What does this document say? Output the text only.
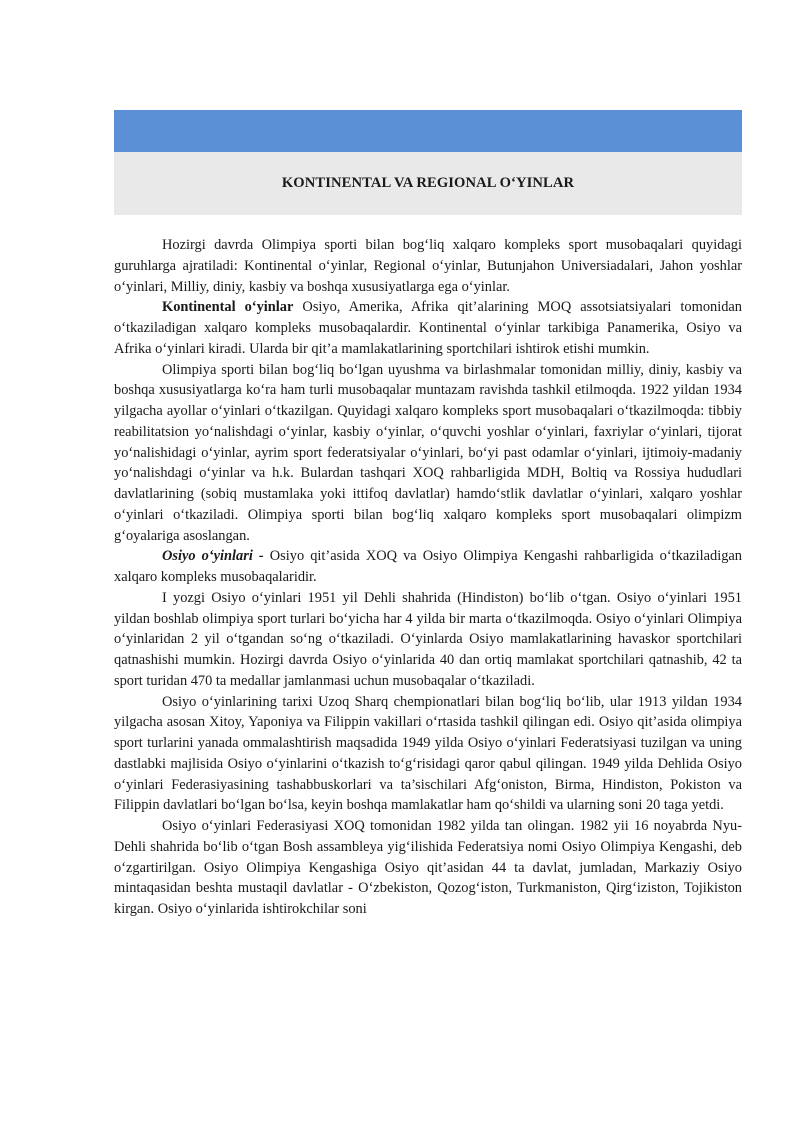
KONTINENTAL VA REGIONAL O‘YINLAR

Hozirgi davrda Olimpiya sporti bilan bog‘liq xalqaro kompleks sport musobaqalari quyidagi guruhlarga ajratiladi: Kontinental o‘yinlar, Regional o‘yinlar, Butunjahon Universiadalari, Jahon yoshlar o‘yinlari, Milliy, diniy, kasbiy va boshqa xususiyatlarga ega o‘yinlar.

Kontinental o‘yinlar Osiyo, Amerika, Afrika qit’alarining MOQ assotsiatsiyalari tomonidan o‘tkaziladigan xalqaro kompleks musobaqalardir. Kontinental o‘yinlar tarkibiga Panamerika, Osiyo va Afrika o‘yinlari kiradi. Ularda bir qit’a mamlakatlarining sportchilari ishtirok etishi mumkin.

Olimpiya sporti bilan bog‘liq bo‘lgan uyushma va birlashmalar tomonidan milliy, diniy, kasbiy va boshqa xususiyatlarga ko‘ra ham turli musobaqalar muntazam ravishda tashkil etilmoqda. 1922 yildan 1934 yilgacha ayollar o‘yinlari o‘tkazilgan. Quyidagi xalqaro kompleks sport musobaqalari o‘tkazilmoqda: tibbiy reabilitatsion yo‘nalishdagi o‘yinlar, kasbiy o‘yinlar, o‘quvchi yoshlar o‘yinlari, faxriylar o‘yinlari, tijorat yo‘nalishidagi o‘yinlar, ayrim sport federatsiyalar o‘yinlari, bo‘yi past odamlar o‘yinlari, ijtimoiy-madaniy yo‘nalishdagi o‘yinlar va h.k. Bulardan tashqari XOQ rahbarligida MDH, Boltiq va Rossiya hududlari davlatlarining (sobiq mustamlaka yoki ittifoq davlatlar) hamdo‘stlik davlatlar o‘yinlari, xalqaro yoshlar o‘yinlari o‘tkaziladi. Olimpiya sporti bilan bog‘liq xalqaro kompleks sport musobaqalari olimpizm g‘oyalariga asoslangan.

Osiyo o‘yinlari - Osiyo qit’asida XOQ va Osiyo Olimpiya Kengashi rahbarligida o‘tkaziladigan xalqaro kompleks musobaqalaridir.

I yozgi Osiyo o‘yinlari 1951 yil Dehli shahrida (Hindiston) bo‘lib o‘tgan. Osiyo o‘yinlari 1951 yildan boshlab olimpiya sport turlari bo‘yicha har 4 yilda bir marta o‘tkazilmoqda. Osiyo o‘yinlari Olimpiya o‘yinlaridan 2 yil o‘tgandan so‘ng o‘tkaziladi. O‘yinlarda Osiyo mamlakatlarining havaskor sportchilari qatnashishi mumkin. Hozirgi davrda Osiyo o‘yinlarida 40 dan ortiq mamlakat sportchilari qatnashib, 42 ta sport turidan 470 ta medallar jamlanmasi uchun musobaqalar o‘tkaziladi.

Osiyo o‘yinlarining tarixi Uzoq Sharq chempionatlari bilan bog‘liq bo‘lib, ular 1913 yildan 1934 yilgacha asosan Xitoy, Yaponiya va Filippin vakillari o‘rtasida tashkil qilingan edi. Osiyo qit’asida olimpiya sport turlarini yanada ommalashtirish maqsadida 1949 yilda Osiyo o‘yinlari Federatsiyasi tuzilgan va uning dastlabki majlisida Osiyo o‘yinlarini o‘tkazish to‘g‘risidagi qaror qabul qilingan. 1949 yilda Dehlida Osiyo o‘yinlari Federasiyasining tashabbuskorlari va ta’sischilari Afg‘oniston, Birma, Hindiston, Pokiston va Filippin davlatlari bo‘lgan bo‘lsa, keyin boshqa mamlakatlar ham qo‘shildi va ularning soni 20 taga yetdi.

Osiyo o‘yinlari Federasiyasi XOQ tomonidan 1982 yilda tan olingan. 1982 yii 16 noyabrda Nyu-Dehli shahrida bo‘lib o‘tgan Bosh assambleya yig‘ilishida Federatsiya nomi Osiyo Olimpiya Kengashi, deb o‘zgartirilgan. Osiyo Olimpiya Kengashiga Osiyo qit’asidan 44 ta davlat, jumladan, Markaziy Osiyo mintaqasidan beshta mustaqil davlatlar - O‘zbekiston, Qozog‘iston, Turkmaniston, Qirg‘iziston, Tojikiston kirgan. Osiyo o‘yinlarida ishtirokchilar soni
